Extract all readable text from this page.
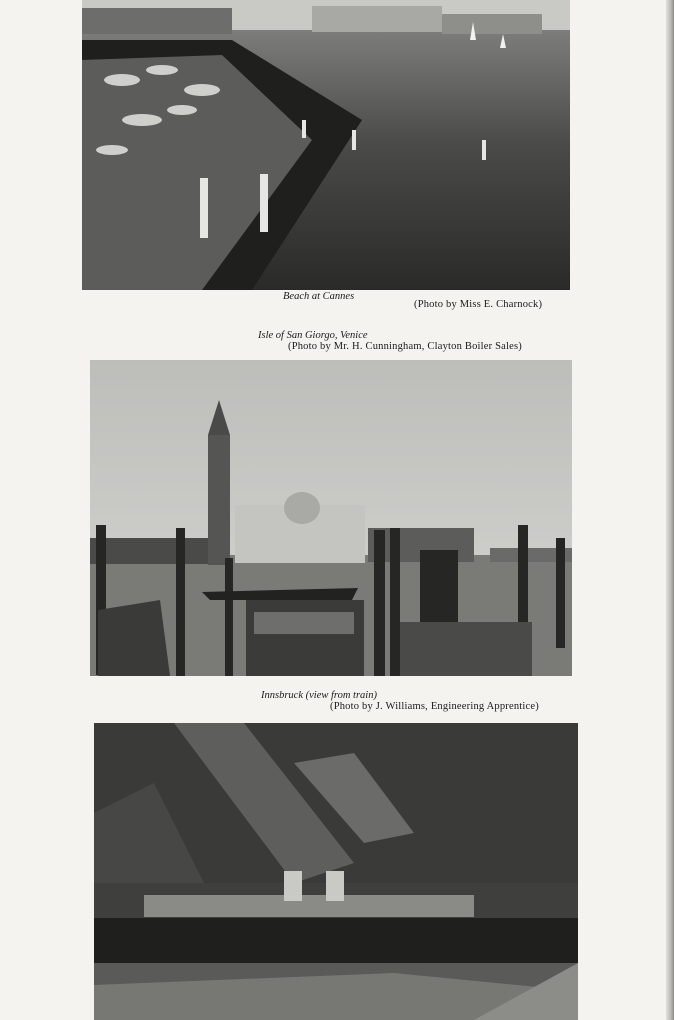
Beach at Cannes
(Photo by Miss E. Charnock)
Isle of San Giorgo, Venice
(Photo by Mr. H. Cunningham, Clayton Boiler Sales)
Innsbruck (view from train)
(Photo by J. Williams, Engineering Apprentice)
